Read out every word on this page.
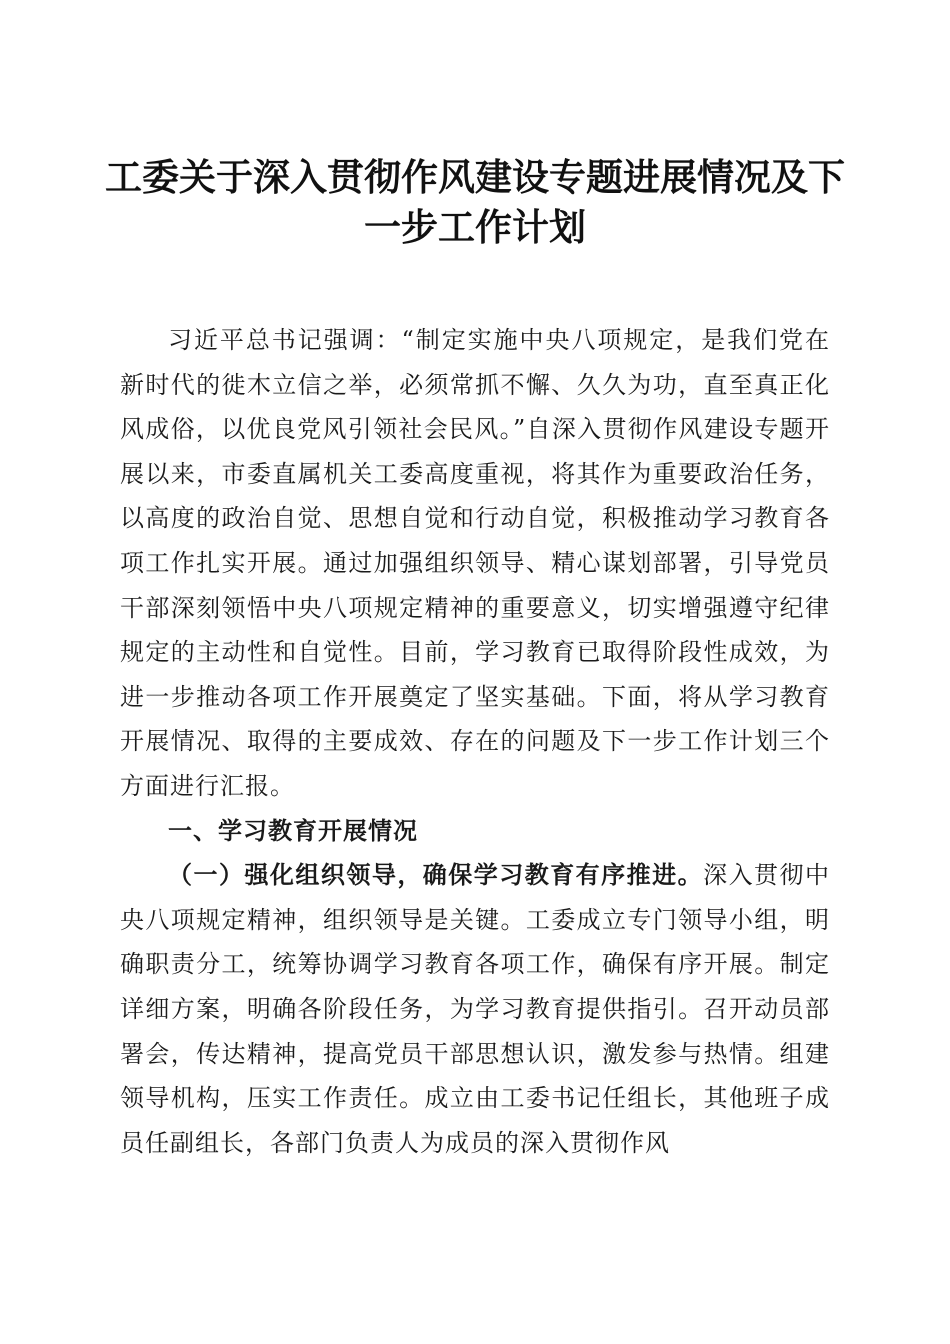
工委关于深入贯彻作风建设专题进展情况及下一步工作计划

习近平总书记强调：“制定实施中央八项规定，是我们党在新时代的徙木立信之举，必须常抓不懈、久久为功，直至真正化风成俗，以优良党风引领社会民风。”自深入贯彻作风建设专题开展以来，市委直属机关工委高度重视，将其作为重要政治任务，以高度的政治自觉、思想自觉和行动自觉，积极推动学习教育各项工作扎实开展。通过加强组织领导、精心谋划部署，引导党员干部深刻领悟中央八项规定精神的重要意义，切实增强遵守纪律规定的主动性和自觉性。目前，学习教育已取得阶段性成效，为进一步推动各项工作开展奠定了坚实基础。下面，将从学习教育开展情况、取得的主要成效、存在的问题及下一步工作计划三个方面进行汇报。

一、学习教育开展情况

（一）强化组织领导，确保学习教育有序推进。深入贯彻中央八项规定精神，组织领导是关键。工委成立专门领导小组，明确职责分工，统筹协调学习教育各项工作，确保有序开展。制定详细方案，明确各阶段任务，为学习教育提供指引。召开动员部署会，传达精神，提高党员干部思想认识，激发参与热情。组建领导机构，压实工作责任。成立由工委书记任组长，其他班子成员任副组长，各部门负责人为成员的深入贯彻作风
